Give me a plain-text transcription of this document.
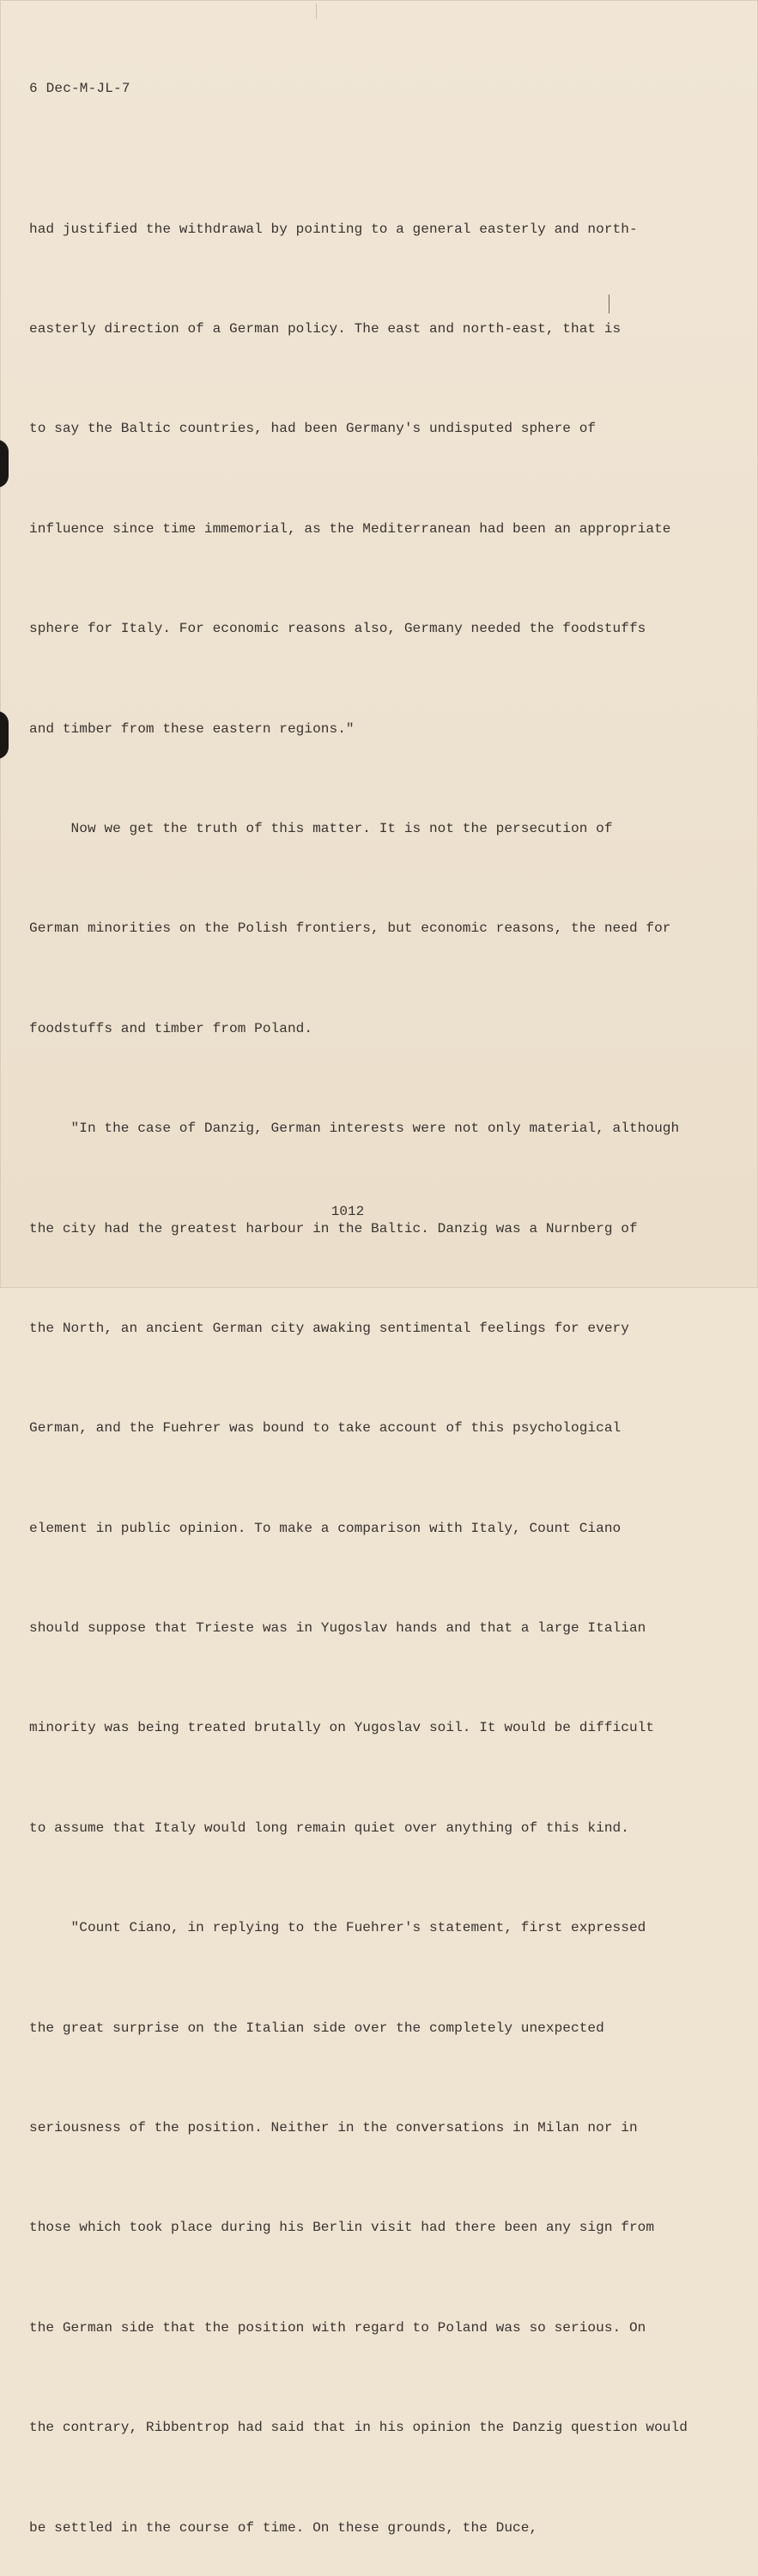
6 Dec-M-JL-7

had justified the withdrawal by pointing to a general easterly and north-

easterly direction of a German policy. The east and north-east, that is

to say the Baltic countries, had been Germany's undisputed sphere of

influence since time immemorial, as the Mediterranean had been an appropriate

sphere for Italy. For economic reasons also, Germany needed the foodstuffs

and timber from these eastern regions."

Now we get the truth of this matter. It is not the persecution of

German minorities on the Polish frontiers, but economic reasons, the need for

foodstuffs and timber from Poland.

"In the case of Danzig, German interests were not only material, although

the city had the greatest harbour in the Baltic. Danzig was a Nurnberg of

the North, an ancient German city awaking sentimental feelings for every

German, and the Fuehrer was bound to take account of this psychological

element in public opinion. To make a comparison with Italy, Count Ciano

should suppose that Trieste was in Yugoslav hands and that a large Italian

minority was being treated brutally on Yugoslav soil. It would be difficult

to assume that Italy would long remain quiet over anything of this kind.

"Count Ciano, in replying to the Fuehrer's statement, first expressed

the great surprise on the Italian side over the completely unexpected

seriousness of the position. Neither in the conversations in Milan nor in

those which took place during his Berlin visit had there been any sign from

the German side that the position with regard to Poland was so serious. On

the contrary, Ribbentrop had said that in his opinion the Danzig question would

be settled in the course of time. On these grounds, the Duce,

1012
